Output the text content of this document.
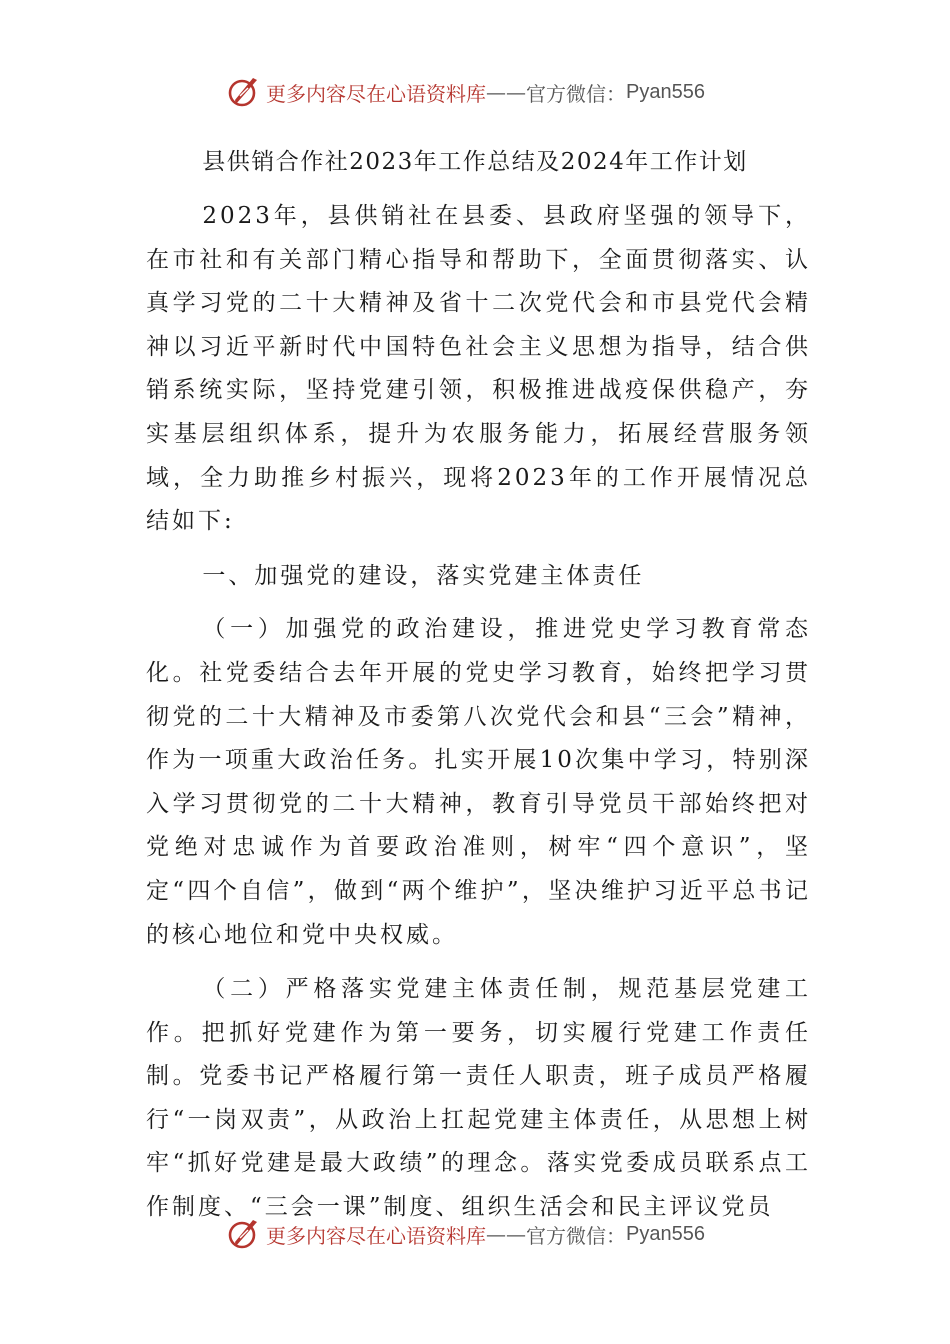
更多内容尽在心语资料库 —— 官方微信： Pyan556
县供销合作社2023年工作总结及2024年工作计划

2023年，县供销社在县委、县政府坚强的领导下，在市社和有关部门精心指导和帮助下，全面贯彻落实、认真学习党的二十大精神及省十二次党代会和市县党代会精神以习近平新时代中国特色社会主义思想为指导，结合供销系统实际，坚持党建引领，积极推进战疫保供稳产，夯实基层组织体系，提升为农服务能力，拓展经营服务领域，全力助推乡村振兴，现将2023年的工作开展情况总结如下:

一、加强党的建设，落实党建主体责任

（一）加强党的政治建设，推进党史学习教育常态化。社党委结合去年开展的党史学习教育，始终把学习贯彻党的二十大精神及市委第八次党代会和县“三会”精神，作为一项重大政治任务。扎实开展10次集中学习，特别深入学习贯彻党的二十大精神，教育引导党员干部始终把对党绝对忠诚作为首要政治准则，树牢“四个意识”，坚定“四个自信”，做到“两个维护”，坚决维护习近平总书记的核心地位和党中央权威。

（二）严格落实党建主体责任制，规范基层党建工作。把抓好党建作为第一要务，切实履行党建工作责任制。党委书记严格履行第一责任人职责，班子成员严格履行“一岗双责”，从政治上扛起党建主体责任，从思想上树牢“抓好党建是最大政绩”的理念。落实党委成员联系点工作制度、“三会一课”制度、组织生活会和民主评议党员

更多内容尽在心语资料库 —— 官方微信： Pyan556
